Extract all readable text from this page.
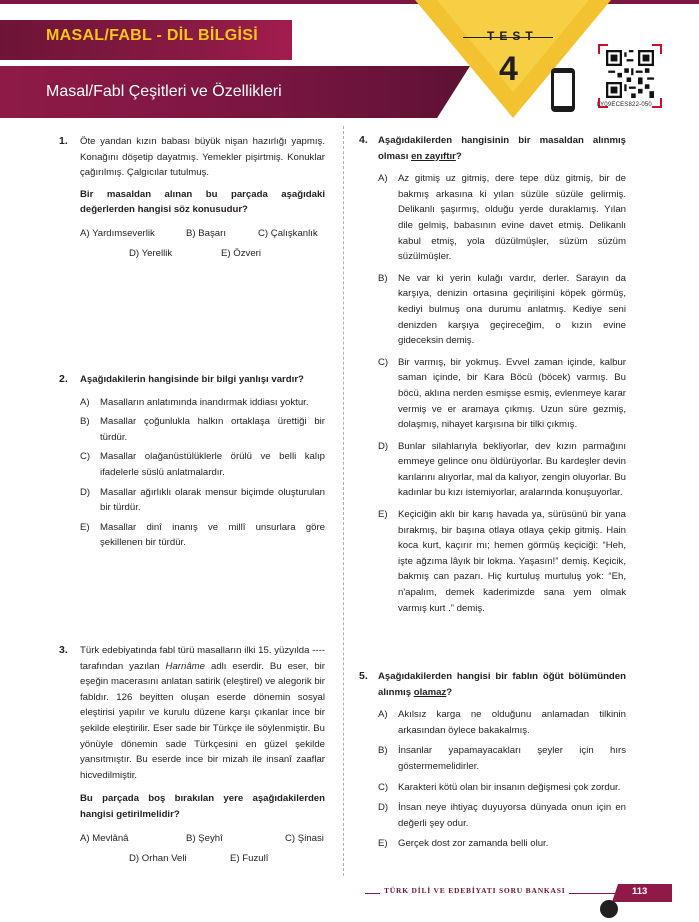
MASAL/FABL - DİL BİLGİSİ
Masal/Fabl Çeşitleri ve Özellikleri
TEST
4
LY09ECES822-050
1. Öte yandan kızın babası büyük nişan hazırlığı yapmış. Konağını döşetip dayatmış. Yemekler pişirtmiş. Konuklar çağırılmış. Çalgıcılar tutulmuş.

Bir masaldan alınan bu parçada aşağıdaki değerlerden hangisi söz konusudur?

A) Yardımseverlik	B) Başarı	C) Çalışkanlık
D) Yerellik	E) Özveri
2. Aşağıdakilerin hangisinde bir bilgi yanlışı vardır?

A) Masalların anlatımında inandırmak iddiası yoktur.
B) Masallar çoğunlukla halkın ortaklaşa ürettiği bir türdür.
C) Masallar olağanüstülüklerle örülü ve belli kalıp ifadelerle süslü anlatmalardır.
D) Masallar ağırlıklı olarak mensur biçimde oluşturulan bir türdür.
E) Masallar dinî inanış ve millî unsurlara göre şekillenen bir türdür.
3. Türk edebiyatında fabl türü masalların ilki 15. yüzyılda ---- tarafından yazılan Harnâme adlı eserdir. Bu eser, bir eşeğin macerasını anlatan satirik (eleştirel) ve alegorik bir fabldır. 126 beyitten oluşan eserde dönemin sosyal eleştirisi yapılır ve kurulu düzene karşı çıkanlar ince bir şekilde eleştirilir. Eser sade bir Türkçe ile söylenmiştir. Bu yönüyle dönemin sade Türkçesini en güzel şekilde yansıtmıştır. Bu eserde ince bir mizah ile insanî zaaflar hicvedilmiştir.

Bu parçada boş bırakılan yere aşağıdakilerden hangisi getirilmelidir?

A) Mevlânâ	B) Şeyhî	C) Şinasi
D) Orhan Veli	E) Fuzulî
4. Aşağıdakilerden hangisinin bir masaldan alınmış olması en zayıftır?

A) Az gitmiş uz gitmiş, dere tepe düz gitmiş, bir de bakmış arkasına ki yılan süzüle süzüle gelirmiş. Delikanlı şaşırmış, olduğu yerde duraklamış. Yılan dile gelmiş, babasının evine davet etmiş. Delikanlı kabul etmiş, yola düzülmüşler, süzüm süzüm süzülmüşler.
B) Ne var ki yerin kulağı vardır, derler. Sarayın da karşıya, denizin ortasına geçirilişini köpek görmüş, kediyi bulmuş ona durumu anlatmış. Kediye seni denizden karşıya geçireceğim, o kızın evine gideceksin demiş.
C) Bir varmış, bir yokmuş. Evvel zaman içinde, kalbur saman içinde, bir Kara Böcü (böcek) varmış. Bu böcü, aklına nerden esmişse esmiş, evlenmeye karar vermiş ve er aramaya çıkmış. Uzun süre gezmiş, dolaşmış, nihayet karşısına bir tilki çıkmış.
D) Bunlar silahlarıyla bekliyorlar, dev kızın parmağını emmeye gelince onu öldürüyorlar. Bu kardeşler devin karılarını alıyorlar, mal da kalıyor, zengin oluyorlar. Bu kadınlar bu kızı istemiyorlar, aralarında konuşuyorlar.
E) Keçiciğin aklı bir karış havada ya, sürüsünü bir yana bırakmış, bir başına otlaya otlaya çekip gitmiş. Hain koca kurt, kaçırır mı; hemen görmüş keçiciği: “Heh, işte ağzıma lâyık bir lokma. Yaşasın!” demiş. Keçicik, bakmış can pazarı. Hiç kurtuluş murtuluş yok: “Eh, n'apalım, demek kaderimizde sana yem olmak varmış kurt .” demiş.
5. Aşağıdakilerden hangisi bir fablın öğüt bölümünden alınmış olamaz?

A) Akılsız karga ne olduğunu anlamadan tilkinin arkasından öylece bakakalmış.
B) İnsanlar yapamayacakları şeyler için hırs göstermemelidirler.
C) Karakteri kötü olan bir insanın değişmesi çok zordur.
D) İnsan neye ihtiyaç duyuyorsa dünyada onun için en değerli şey odur.
E) Gerçek dost zor zamanda belli olur.
TÜRK DİLİ VE EDEBİYATI SORU BANKASI	113
